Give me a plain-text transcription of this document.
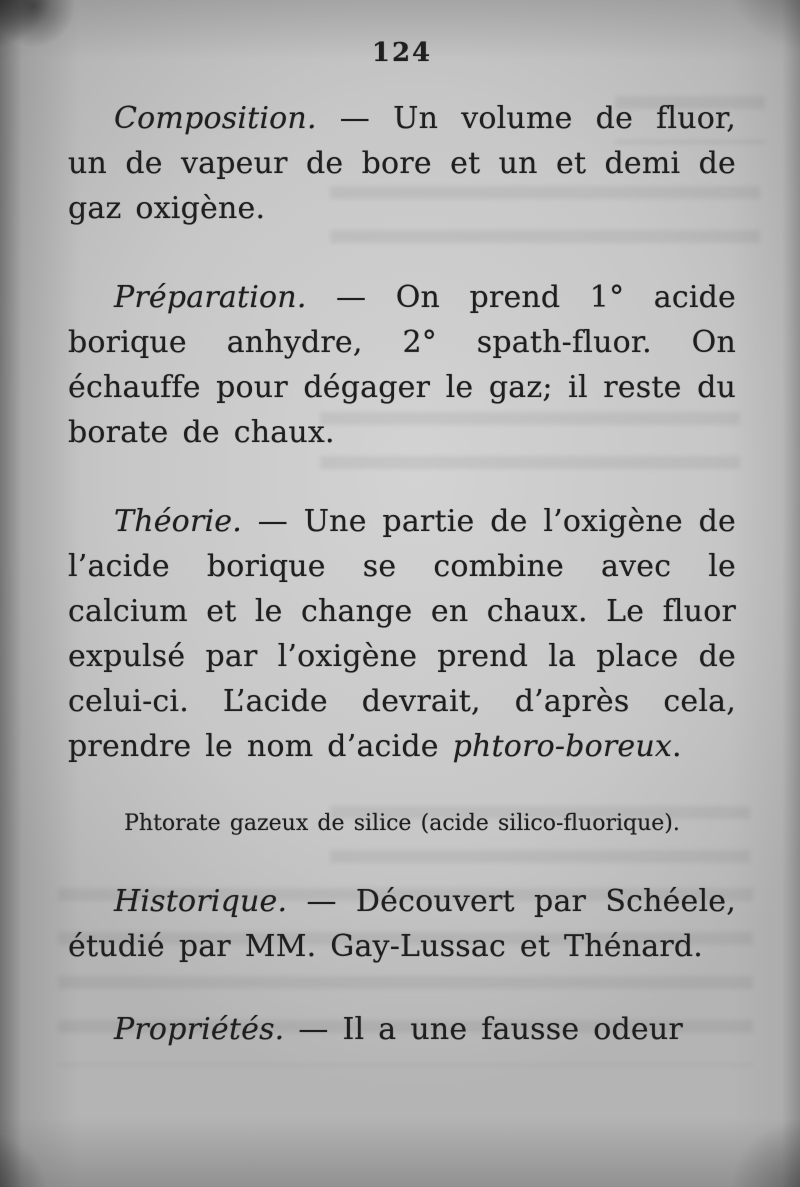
124

Composition. — Un volume de fluor, un de vapeur de bore et un et demi de gaz oxigène.

Préparation. — On prend 1° acide borique anhydre, 2° spath-fluor. On échauffe pour dégager le gaz; il reste du borate de chaux.

Théorie. — Une partie de l’oxigène de l’acide borique se combine avec le calcium et le change en chaux. Le fluor expulsé par l’oxigène prend la place de celui-ci. L’acide devrait, d’après cela, prendre le nom d’acide phtoro-boreux.

Phtorate gazeux de silice (acide silico-fluorique).

Historique. — Découvert par Schéele, étudié par MM. Gay-Lussac et Thénard.

Propriétés. — Il a une fausse odeur
